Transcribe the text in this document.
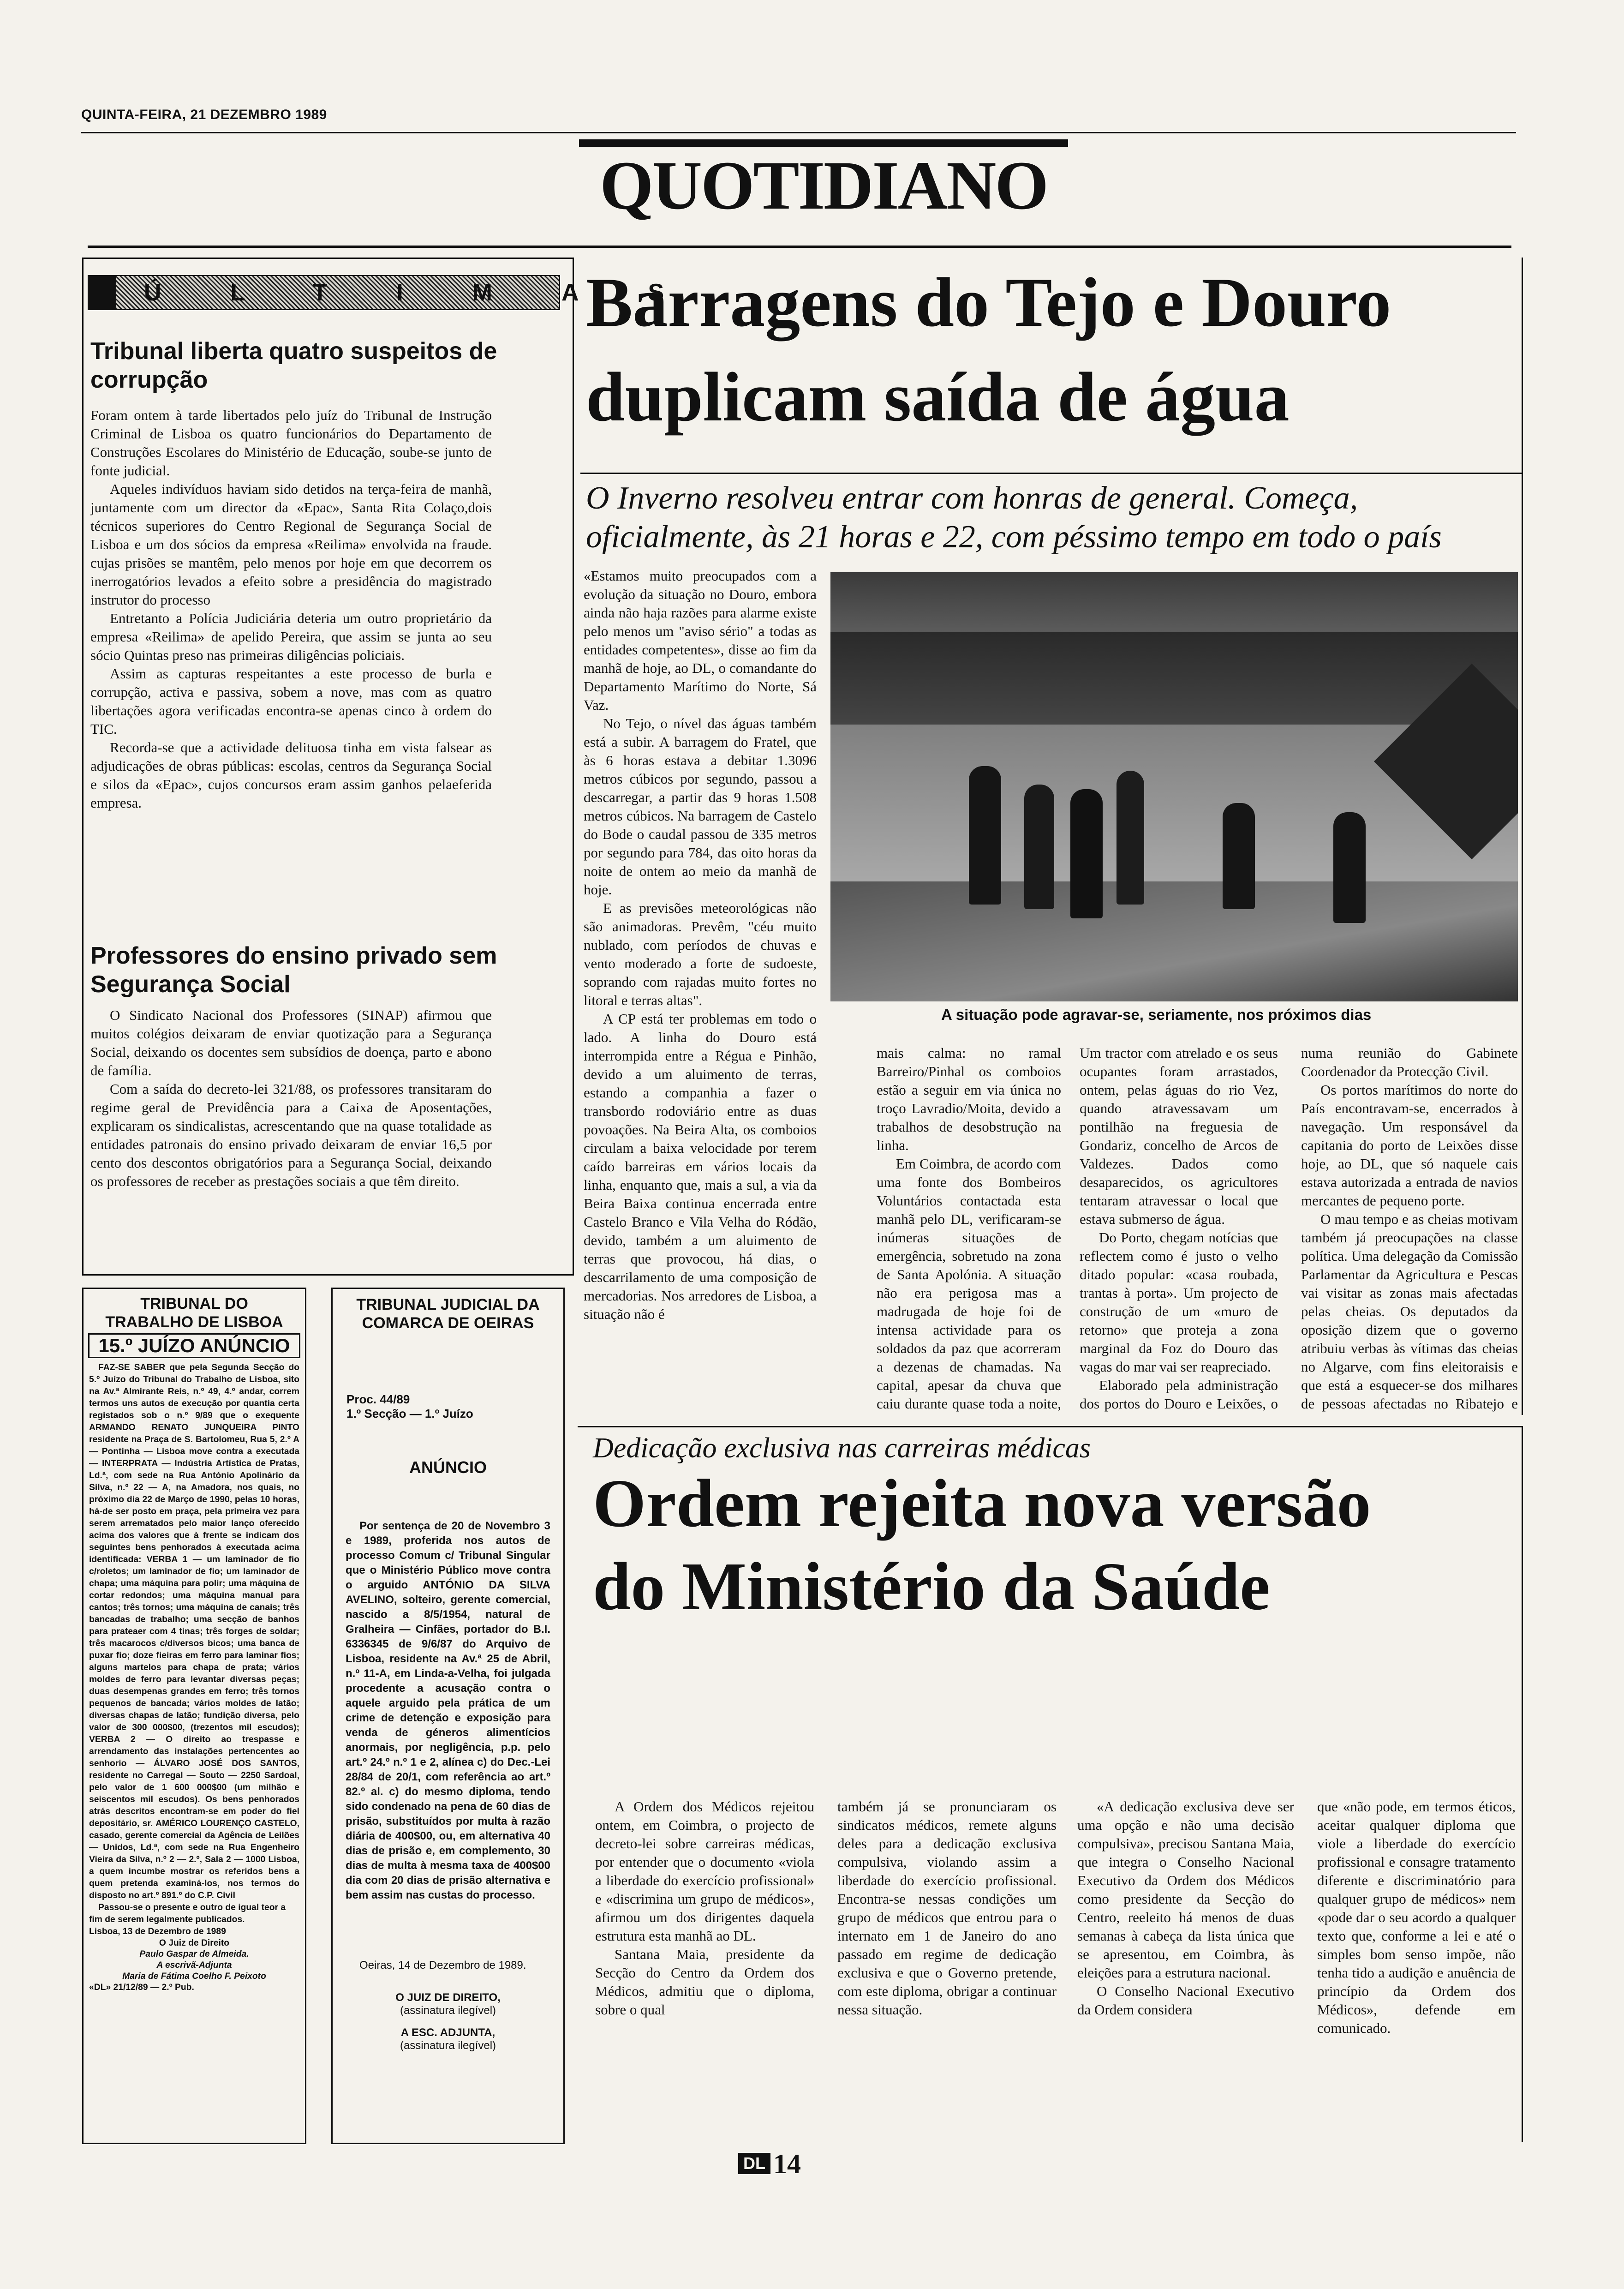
QUINTA-FEIRA, 21 DEZEMBRO 1989
QUOTIDIANO
ÚLTIMAS
Tribunal liberta quatro suspeitos de corrupção

Foram ontem à tarde libertados pelo juíz do Tribunal de Instrução Criminal de Lisboa os quatro funcionários do Departamento de Construções Escolares do Ministério de Educação, soube-se junto de fonte judicial.

Aqueles indivíduos haviam sido detidos na terça-feira de manhã, juntamente com um director da «Epac», Santa Rita Colaço,dois técnicos superiores do Centro Regional de Segurança Social de Lisboa e um dos sócios da empresa «Reilima» envolvida na fraude. cujas prisões se mantêm, pelo menos por hoje em que decorrem os inerrogatórios levados a efeito sobre a presidência do magistrado instrutor do processo

Entretanto a Polícia Judiciária deteria um outro proprietário da empresa «Reilima» de apelido Pereira, que assim se junta ao seu sócio Quintas preso nas primeiras diligências policiais.

Assim as capturas respeitantes a este processo de burla e corrupção, activa e passiva, sobem a nove, mas com as quatro libertações agora verificadas encontra-se apenas cinco à ordem do TIC.

Recorda-se que a actividade delituosa tinha em vista falsear as adjudicações de obras públicas: escolas, centros da Segurança Social e silos da «Epac», cujos concursos eram assim ganhos pelaeferida empresa.

Professores do ensino privado sem Segurança Social

O Sindicato Nacional dos Professores (SINAP) afirmou que muitos colégios deixaram de enviar quotização para a Segurança Social, deixando os docentes sem subsídios de doença, parto e abono de família.

Com a saída do decreto-lei 321/88, os professores transitaram do regime geral de Previdência para a Caixa de Aposentações, explicaram os sindicalistas, acrescentando que na quase totalidade as entidades patronais do ensino privado deixaram de enviar 16,5 por cento dos descontos obrigatórios para a Segurança Social, deixando os professores de receber as prestações sociais a que têm direito.

Barragens do Tejo e Douro
duplicam saída de água
O Inverno resolveu entrar com honras de general. Começa, oficialmente, às 21 horas e 22, com péssimo tempo em todo o país
A situação pode agravar-se, seriamente, nos próximos dias

«Estamos muito preocupados com a evolução da situação no Douro, embora ainda não haja razões para alarme existe pelo menos um "aviso sério" a todas as entidades competentes», disse ao fim da manhã de hoje, ao DL, o comandante do Departamento Marítimo do Norte, Sá Vaz.

No Tejo, o nível das águas também está a subir. A barragem do Fratel, que às 6 horas estava a debitar 1.3096 metros cúbicos por segundo, passou a descarregar, a partir das 9 horas 1.508 metros cúbicos. Na barragem de Castelo do Bode o caudal passou de 335 metros por segundo para 784, das oito horas da noite de ontem ao meio da manhã de hoje.

E as previsões meteorológicas não são animadoras. Prevêm, "céu muito nublado, com períodos de chuvas e vento moderado a forte de sudoeste, soprando com rajadas muito fortes no litoral e terras altas".

A CP está ter problemas em todo o lado. A linha do Douro está interrompida entre a Régua e Pinhão, devido a um aluimento de terras, estando a companhia a fazer o transbordo rodoviário entre as duas povoações. Na Beira Alta, os comboios circulam a baixa velocidade por terem caído barreiras em vários locais da linha, enquanto que, mais a sul, a via da Beira Baixa continua encerrada entre Castelo Branco e Vila Velha do Ródão, devido, também a um aluimento de terras que provocou, há dias, o descarrilamento de uma composição de mercadorias. Nos arredores de Lisboa, a situação não é

mais calma: no ramal Barreiro/Pinhal os comboios estão a seguir em via única no troço Lavradio/Moita, devido a trabalhos de desobstrução na linha.

Em Coimbra, de acordo com uma fonte dos Bombeiros Voluntários contactada esta manhã pelo DL, verificaram-se inúmeras situações de emergência, sobretudo na zona de Santa Apolónia. A situação não era perigosa mas a madrugada de hoje foi de intensa actividade para os soldados da paz que acorreram a dezenas de chamadas. Na capital, apesar da chuva que caiu durante quase toda a noite,

Um tractor com atrelado e os seus ocupantes foram arrastados, ontem, pelas águas do rio Vez, quando atravessavam um pontilhão na freguesia de Gondariz, concelho de Arcos de Valdezes. Dados como desaparecidos, os agricultores tentaram atravessar o local que estava submerso de água.

Do Porto, chegam notícias que reflectem como é justo o velho ditado popular: «casa roubada, trantas à porta». Um projecto de construção de um «muro de retorno» que proteja a zona marginal da Foz do Douro das vagas do mar vai ser reapreciado.

Elaborado pela administração dos portos do Douro e Leixões, o

numa reunião do Gabinete Coordenador da Protecção Civil.

Os portos marítimos do norte do País encontravam-se, encerrados à navegação. Um responsável da capitania do porto de Leixões disse hoje, ao DL, que só naquele cais estava autorizada a entrada de navios mercantes de pequeno porte.

O mau tempo e as cheias motivam também já preocupações na classe política. Uma delegação da Comissão Parlamentar da Agricultura e Pescas vai visitar as zonas mais afectadas pelas cheias. Os deputados da oposição dizem que o governo atribuiu verbas às vítimas das cheias no Algarve, com fins eleitoraisis e que está a esquecer-se dos milhares de pessoas afectadas no Ribatejo e

TRIBUNAL DO TRABALHO DE LISBOA
15.º JUÍZO ANÚNCIO
FAZ-SE SABER que pela Segunda Secção do 5.º Juízo do Tribunal do Trabalho de Lisboa, sito na Av.ª Almirante Reis, n.º 49, 4.º andar, correm termos uns autos de execução por quantia certa registados sob o n.º 9/89 que o exequente ARMANDO RENATO JUNQUEIRA PINTO residente na Praça de S. Bartolomeu, Rua 5, 2.º A — Pontinha — Lisboa move contra a executada — INTERPRATA — Indústria Artística de Pratas, Ld.ª, com sede na Rua António Apolinário da Silva, n.º 22 — A, na Amadora, nos quais, no próximo dia 22 de Março de 1990, pelas 10 horas, há-de ser posto em praça, pela primeira vez para serem arrematados pelo maior lanço oferecido acima dos valores que à frente se indicam dos seguintes bens penhorados à executada acima identificada: VERBA 1 — um laminador de fio c/roletos; um laminador de fio; um laminador de chapa; uma máquina para polir; uma máquina de cortar redondos; uma máquina manual para cantos; três tornos; uma máquina de canais; três bancadas de trabalho; uma secção de banhos para prateaer com 4 tinas; três forges de soldar; três macarocos c/diversos bicos; uma banca de puxar fio; doze fieiras em ferro para laminar fios; alguns martelos para chapa de prata; vários moldes de ferro para levantar diversas peças; duas desempenas grandes em ferro; três tornos pequenos de bancada; vários moldes de latão; diversas chapas de latão; fundição diversa, pelo valor de 300 000$00, (trezentos mil escudos); VERBA 2 — O direito ao trespasse e arrendamento das instalações pertencentes ao senhorio — ÁLVARO JOSÉ DOS SANTOS, residente no Carregal — Souto — 2250 Sardoal, pelo valor de 1 600 000$00 (um milhão e seiscentos mil escudos). Os bens penhorados atrás descritos encontram-se em poder do fiel depositário, sr. AMÉRICO LOURENÇO CASTELO, casado, gerente comercial da Agência de Leilões — Unidos, Ld.ª, com sede na Rua Engenheiro Vieira da Silva, n.º 2 — 2.º, Sala 2 — 1000 Lisboa, a quem incumbe mostrar os referidos bens a quem pretenda examiná-los, nos termos do disposto no art.º 891.º do C.P. Civil
Passou-se o presente e outro de igual teor a fim de serem legalmente publicados.
Lisboa, 13 de Dezembro de 1989
O Juiz de Direito
Paulo Gaspar de Almeida.
A escrivã-Adjunta
Maria de Fátima Coelho F. Peixoto
«DL» 21/12/89 — 2.º Pub.
TRIBUNAL JUDICIAL DA COMARCA DE OEIRAS
Proc. 44/89
1.º Secção — 1.º Juízo
ANÚNCIO
Por sentença de 20 de Novembro 3 e 1989, proferida nos autos de processo Comum c/ Tribunal Singular que o Ministério Público move contra o arguido ANTÓNIO DA SILVA AVELINO, solteiro, gerente comercial, nascido a 8/5/1954, natural de Gralheira — Cinfães, portador do B.I. 6336345 de 9/6/87 do Arquivo de Lisboa, residente na Av.ª 25 de Abril, n.º 11-A, em Linda-a-Velha, foi julgada procedente a acusação contra o aquele arguido pela prática de um crime de detenção e exposição para venda de géneros alimentícios anormais, por negligência, p.p. pelo art.º 24.º n.º 1 e 2, alínea c) do Dec.-Lei 28/84 de 20/1, com referência ao art.º 82.º al. c) do mesmo diploma, tendo sido condenado na pena de 60 dias de prisão, substituídos por multa à razão diária de 400$00, ou, em alternativa 40 dias de prisão e, em complemento, 30 dias de multa à mesma taxa de 400$00 dia com 20 dias de prisão alternativa e bem assim nas custas do processo.
Oeiras, 14 de Dezembro de 1989.
O JUIZ DE DIREITO,
(assinatura ilegível)
A ESC. ADJUNTA,
(assinatura ilegível)
Dedicação exclusiva nas carreiras médicas
Ordem rejeita nova versão
do Ministério da Saúde

A Ordem dos Médicos rejeitou ontem, em Coimbra, o projecto de decreto-lei sobre carreiras médicas, por entender que o documento «viola a liberdade do exercício profissional» e «discrimina um grupo de médicos», afirmou um dos dirigentes daquela estrutura esta manhã ao DL.

Santana Maia, presidente da Secção do Centro da Ordem dos Médicos, admitiu que o diploma, sobre o qual

também já se pronunciaram os sindicatos médicos, remete alguns deles para a dedicação exclusiva compulsiva, violando assim a liberdade do exercício profissional. Encontra-se nessas condições um grupo de médicos que entrou para o internato em 1 de Janeiro do ano passado em regime de dedicação exclusiva e que o Governo pretende, com este diploma, obrigar a continuar nessa situação.

«A dedicação exclusiva deve ser uma opção e não uma decisão compulsiva», precisou Santana Maia, que integra o Conselho Nacional Executivo da Ordem dos Médicos como presidente da Secção do Centro, reeleito há menos de duas semanas à cabeça da lista única que se apresentou, em Coimbra, às eleições para a estrutura nacional.

O Conselho Nacional Executivo da Ordem considera

que «não pode, em termos éticos, aceitar qualquer diploma que viole a liberdade do exercício profissional e consagre tratamento diferente e discriminatório para qualquer grupo de médicos» nem «pode dar o seu acordo a qualquer texto que, conforme a lei e até o simples bom senso impõe, não tenha tido a audição e anuência de princípio da Ordem dos Médicos», defende em comunicado.

DL 14
